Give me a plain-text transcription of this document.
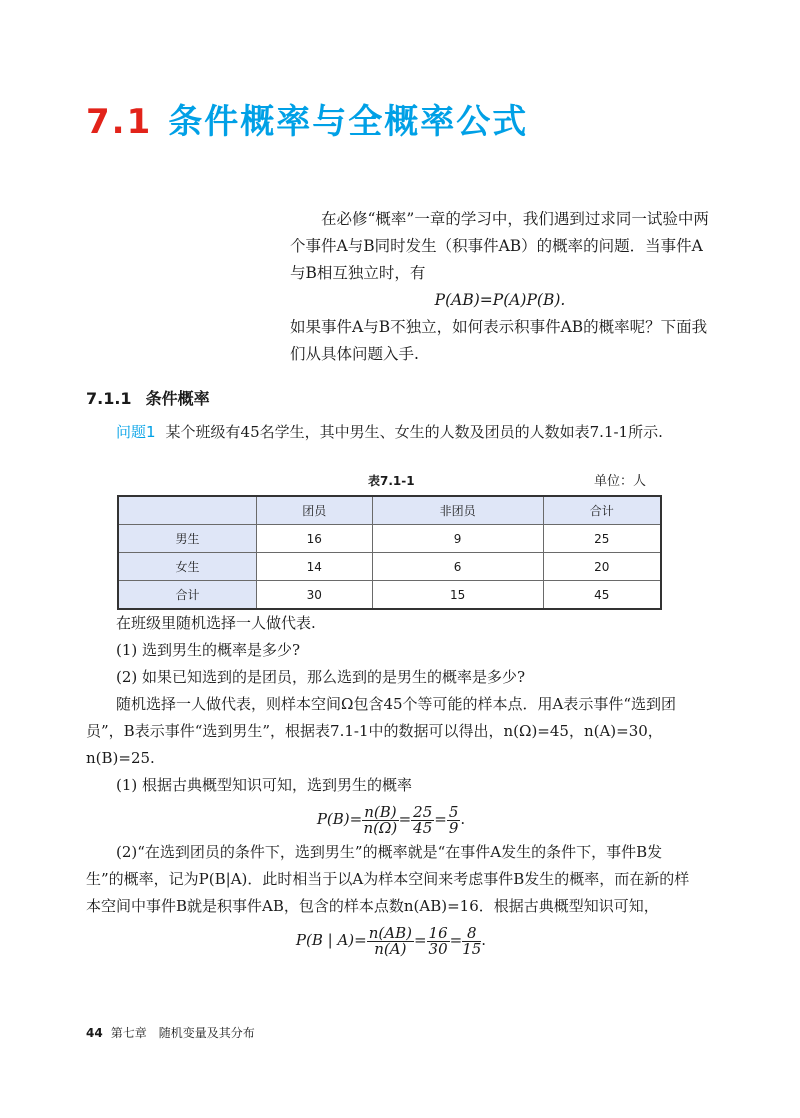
7.1 条件概率与全概率公式

在必修“概率”一章的学习中，我们遇到过求同一试验中两个事件A与B同时发生（积事件AB）的概率的问题．当事件A与B相互独立时，有

P(AB)=P(A)P(B).

如果事件A与B不独立，如何表示积事件AB的概率呢？下面我们从具体问题入手.

7.1.1 条件概率

问题1 某个班级有45名学生，其中男生、女生的人数及团员的人数如表7.1-1所示.

表7.1-1	单位：人
	团员	非团员	合计
男生	16	9	25
女生	14	6	20
合计	30	15	45

在班级里随机选择一人做代表.

(1) 选到男生的概率是多少?

(2) 如果已知选到的是团员，那么选到的是男生的概率是多少?

随机选择一人做代表，则样本空间Ω包含45个等可能的样本点．用A表示事件“选到团员”，B表示事件“选到男生”，根据表7.1-1中的数据可以得出，n(Ω)=45，n(A)=30，n(B)=25.

(1) 根据古典概型知识可知，选到男生的概率

$P(B)= \frac{n(B)}{n(\Omega)} = \frac{25}{45} = \frac{5}{9}$ .

(2)“在选到团员的条件下，选到男生”的概率就是“在事件A发生的条件下，事件B发生”的概率，记为P(B|A)．此时相当于以A为样本空间来考虑事件B发生的概率，而在新的样本空间中事件B就是积事件AB，包含的样本点数n(AB)=16．根据古典概型知识可知，

P(B | $A)= \frac{n(AB)}{n(A)} = \frac{16}{30} = \frac{8}{15}$ .

44 第七章 随机变量及其分布
